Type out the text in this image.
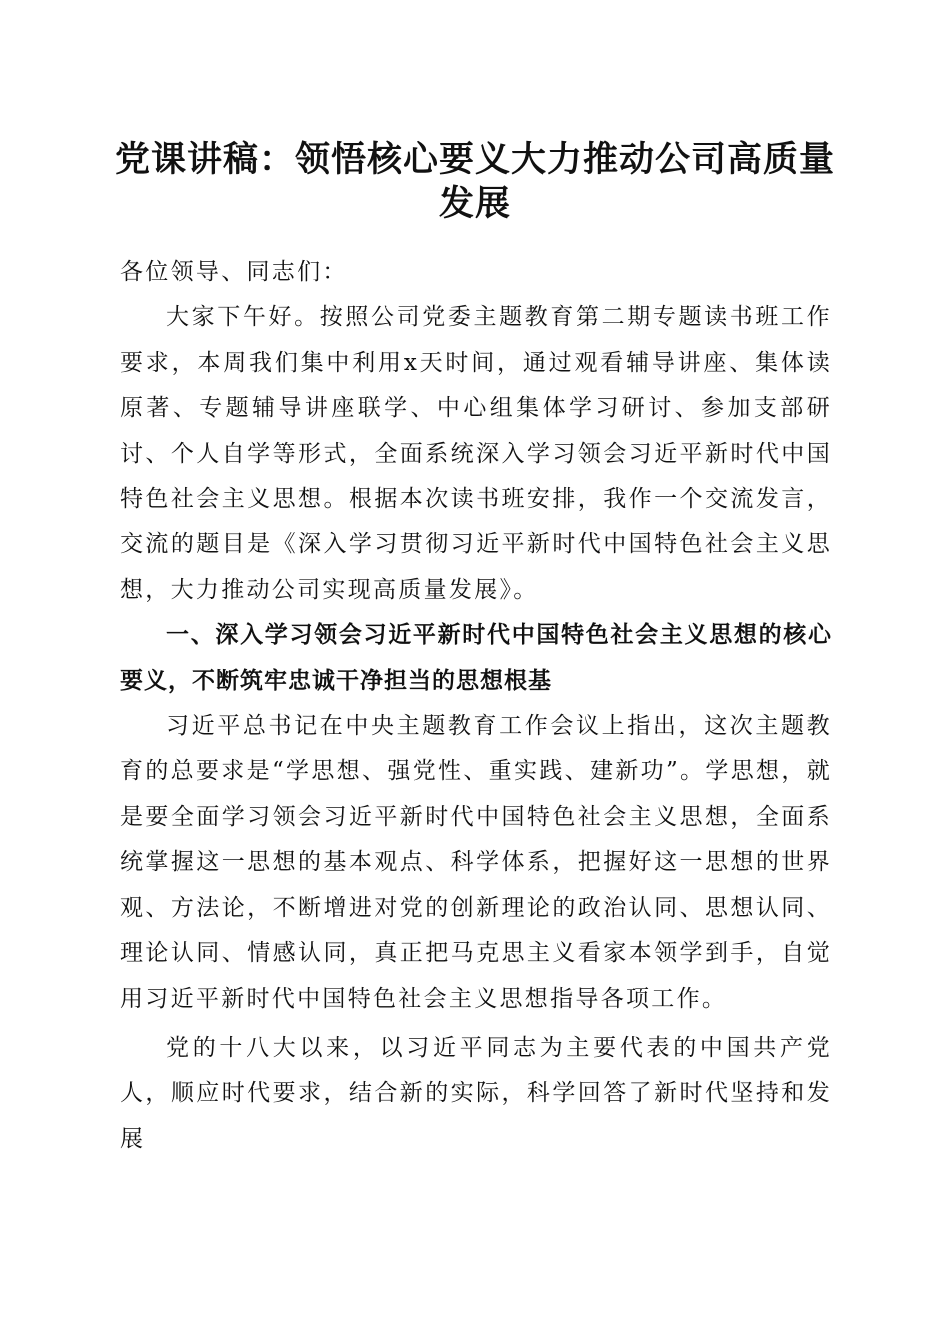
党课讲稿：领悟核心要义大力推动公司高质量发展

各位领导、同志们：

大家下午好。按照公司党委主题教育第二期专题读书班工作要求，本周我们集中利用x天时间，通过观看辅导讲座、集体读原著、专题辅导讲座联学、中心组集体学习研讨、参加支部研讨、个人自学等形式，全面系统深入学习领会习近平新时代中国特色社会主义思想。根据本次读书班安排，我作一个交流发言，交流的题目是《深入学习贯彻习近平新时代中国特色社会主义思想，大力推动公司实现高质量发展》。

一、深入学习领会习近平新时代中国特色社会主义思想的核心要义，不断筑牢忠诚干净担当的思想根基

习近平总书记在中央主题教育工作会议上指出，这次主题教育的总要求是“学思想、强党性、重实践、建新功”。学思想，就是要全面学习领会习近平新时代中国特色社会主义思想，全面系统掌握这一思想的基本观点、科学体系，把握好这一思想的世界观、方法论，不断增进对党的创新理论的政治认同、思想认同、理论认同、情感认同，真正把马克思主义看家本领学到手，自觉用习近平新时代中国特色社会主义思想指导各项工作。

党的十八大以来，以习近平同志为主要代表的中国共产党人，顺应时代要求，结合新的实际，科学回答了新时代坚持和发展
